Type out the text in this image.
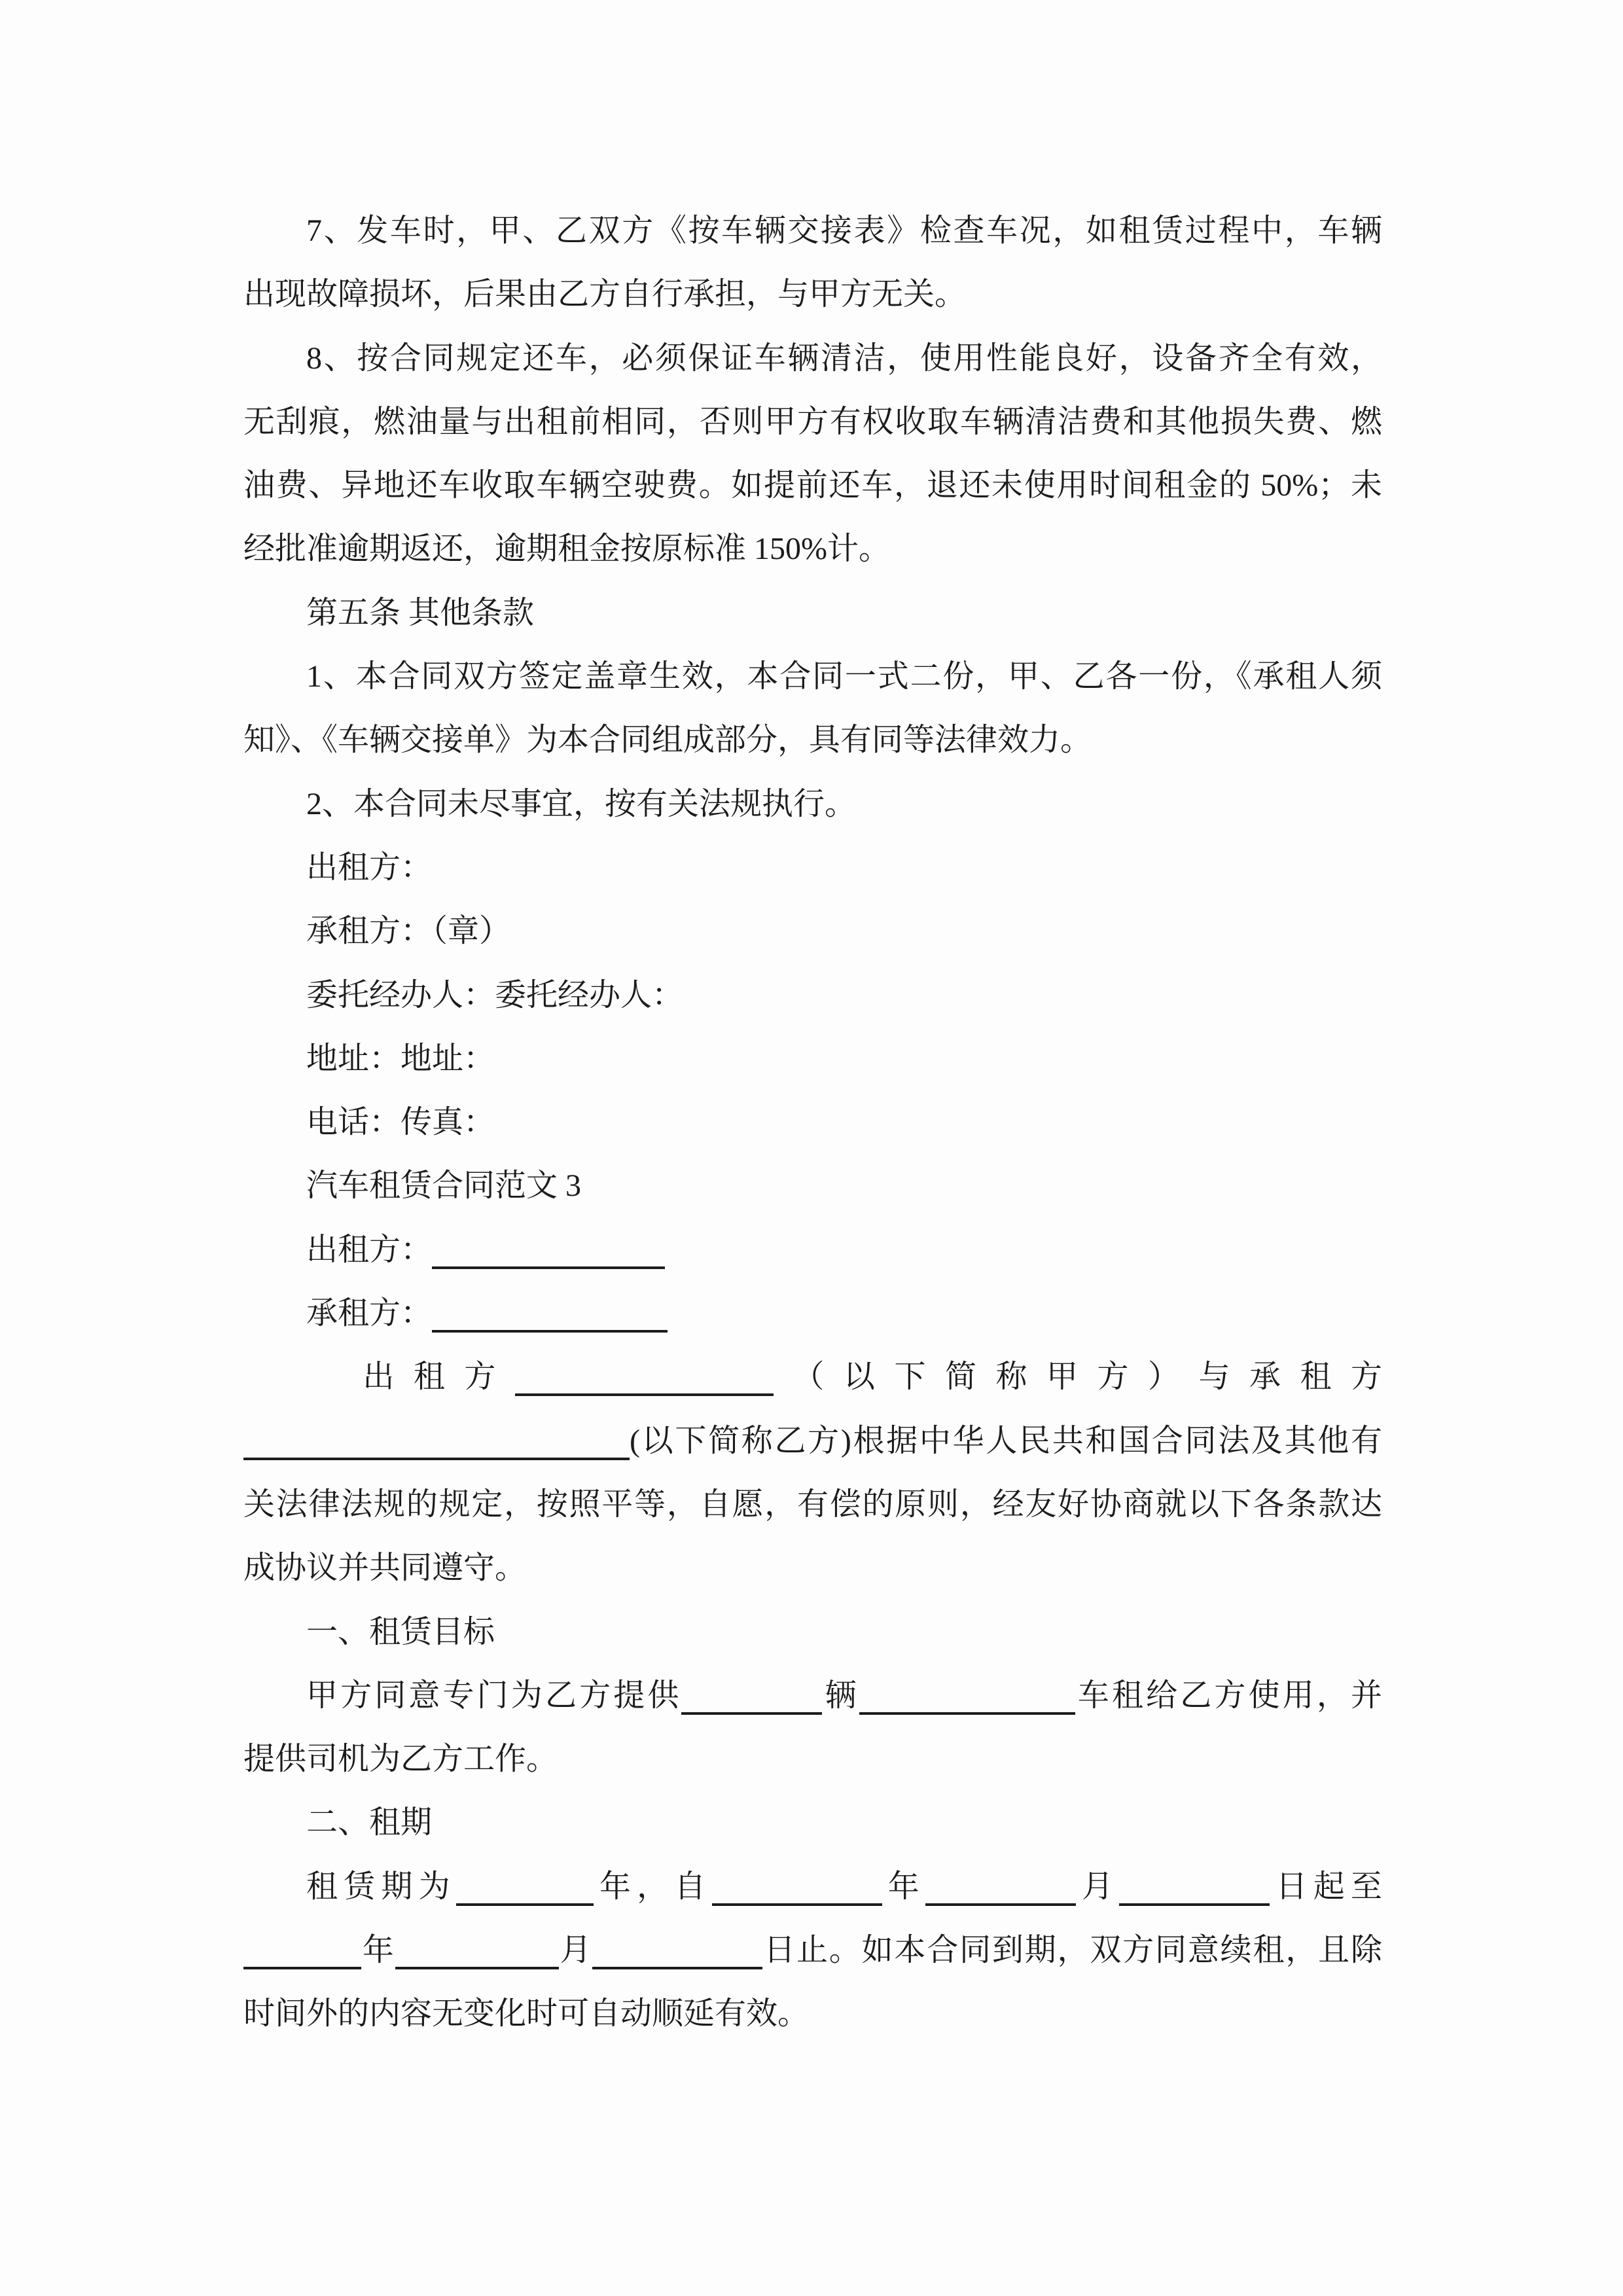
7、发车时，甲、乙双方《按车辆交接表》检查车况，如租赁过程中，车辆
出现故障损坏，后果由乙方自行承担，与甲方无关。
8、按合同规定还车，必须保证车辆清洁，使用性能良好，设备齐全有效，
无刮痕，燃油量与出租前相同，否则甲方有权收取车辆清洁费和其他损失费、燃
油费、异地还车收取车辆空驶费。如提前还车，退还未使用时间租金的 50%；未
经批准逾期返还，逾期租金按原标准 150%计。
第五条 其他条款
1、本合同双方签定盖章生效，本合同一式二份，甲、乙各一份，《承租人须
知》、《车辆交接单》为本合同组成部分，具有同等法律效力。
2、本合同未尽事宜，按有关法规执行。
出租方：
承租方：（章）
委托经办人：委托经办人：
地址：地址：
电话：传真：
汽车租赁合同范文 3
出租方：
承租方：
出租方	（以下简称甲方）与承租方
(以下简称乙方)根据中华人民共和国合同法及其他有
关法律法规的规定，按照平等，自愿，有偿的原则，经友好协商就以下各条款达
成协议并共同遵守。
一、租赁目标
甲方同意专门为乙方提供	辆	车租给乙方使用，并
提供司机为乙方工作。
二、租期
租赁期为	年，自	年	月	日起至
年	月	日止。如本合同到期，双方同意续租，且除
时间外的内容无变化时可自动顺延有效。
